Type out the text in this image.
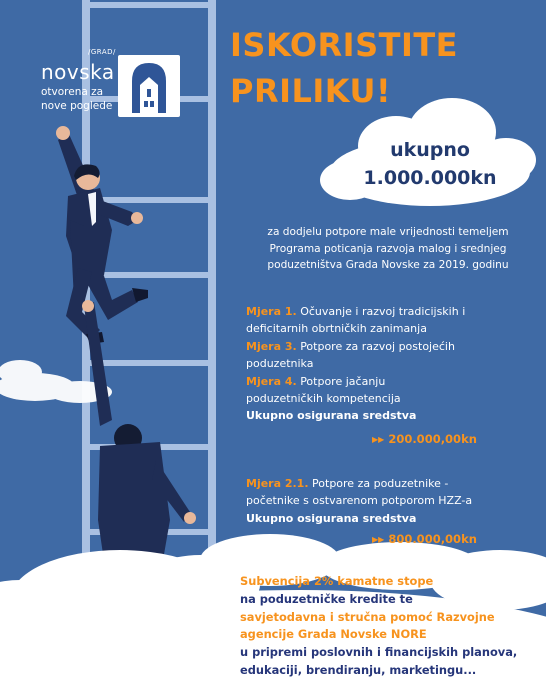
/GRAD/
novska
otvorena za
nove poglede
ISKORISTITE
PRILIKU!
ukupno
1.000.000kn
za dodjelu potpore male vrijednosti temeljem
Programa poticanja razvoja malog i srednjeg
poduzetništva Grada Novske za 2019. godinu
Mjera 1. Očuvanje i razvoj tradicijskih i
deficitarnih obrtničkih zanimanja
Mjera 3. Potpore za razvoj postojećih
poduzetnika
Mjera 4. Potpore jačanju
poduzetničkih kompetencija
Ukupno osigurana sredstva
▶▶ 200.000,00kn
Mjera 2.1. Potpore za poduzetnike -
početnike s ostvarenom potporom HZZ-a
Ukupno osigurana sredstva
▶▶ 800.000,00kn
Subvencija 2% kamatne stope
na poduzetničke kredite te
savjetodavna i stručna pomoć Razvojne
agencije Grada Novske NORE
u pripremi poslovnih i financijskih planova,
edukaciji, brendiranju, marketingu...
